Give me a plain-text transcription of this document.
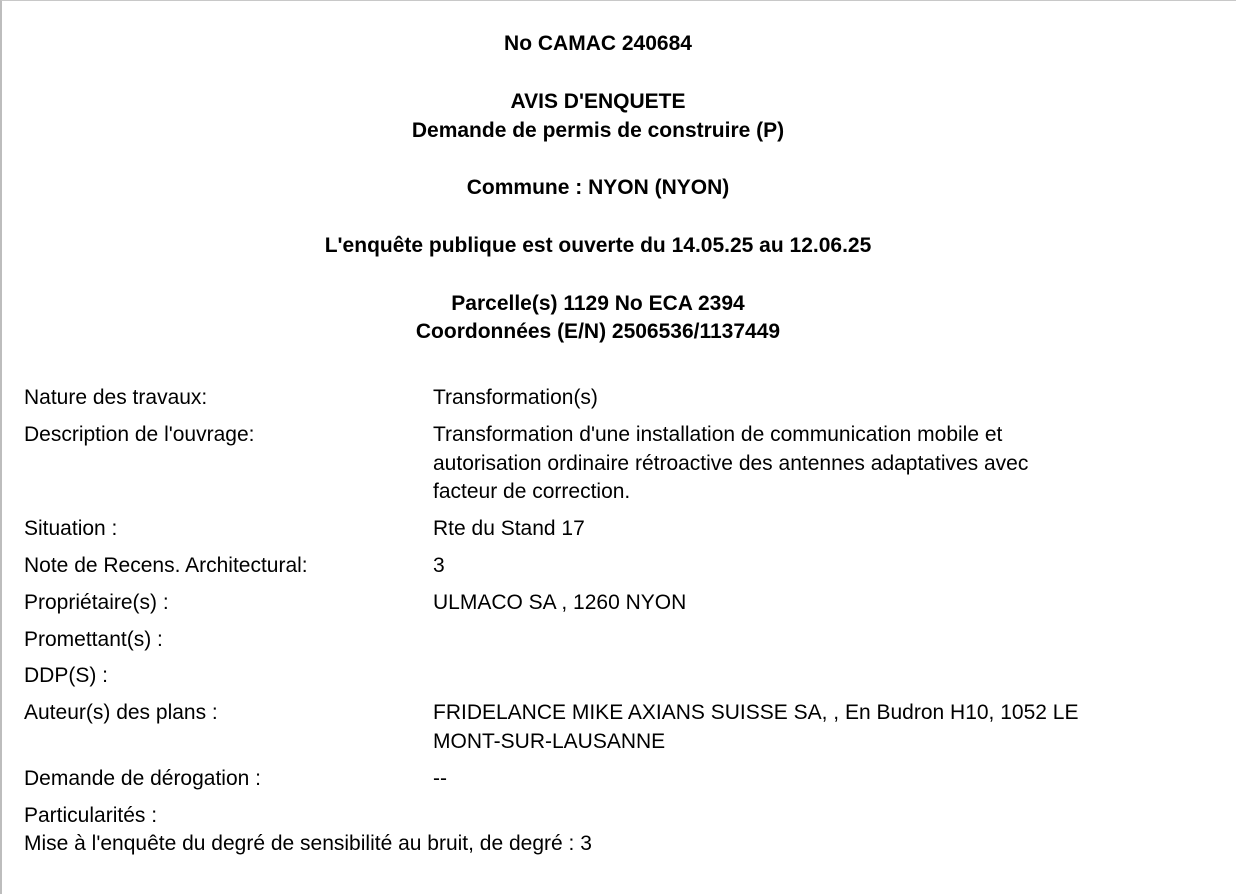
No CAMAC 240684
AVIS D'ENQUETE
Demande de permis de construire (P)
Commune : NYON (NYON)
L'enquête publique est ouverte du 14.05.25 au 12.06.25
Parcelle(s) 1129 No ECA 2394
Coordonnées (E/N) 2506536/1137449
Nature des travaux:	Transformation(s)
Description de l'ouvrage:	Transformation d'une installation de communication mobile et
autorisation ordinaire rétroactive des antennes adaptatives avec
facteur de correction.
Situation :	Rte du Stand 17
Note de Recens. Architectural:	3
Propriétaire(s) :	ULMACO SA , 1260 NYON
Promettant(s) :
DDP(S) :
Auteur(s) des plans :	FRIDELANCE MIKE AXIANS SUISSE SA, , En Budron H10, 1052 LE
MONT-SUR-LAUSANNE
Demande de dérogation :	--
Particularités :
Mise à l'enquête du degré de sensibilité au bruit, de degré : 3
